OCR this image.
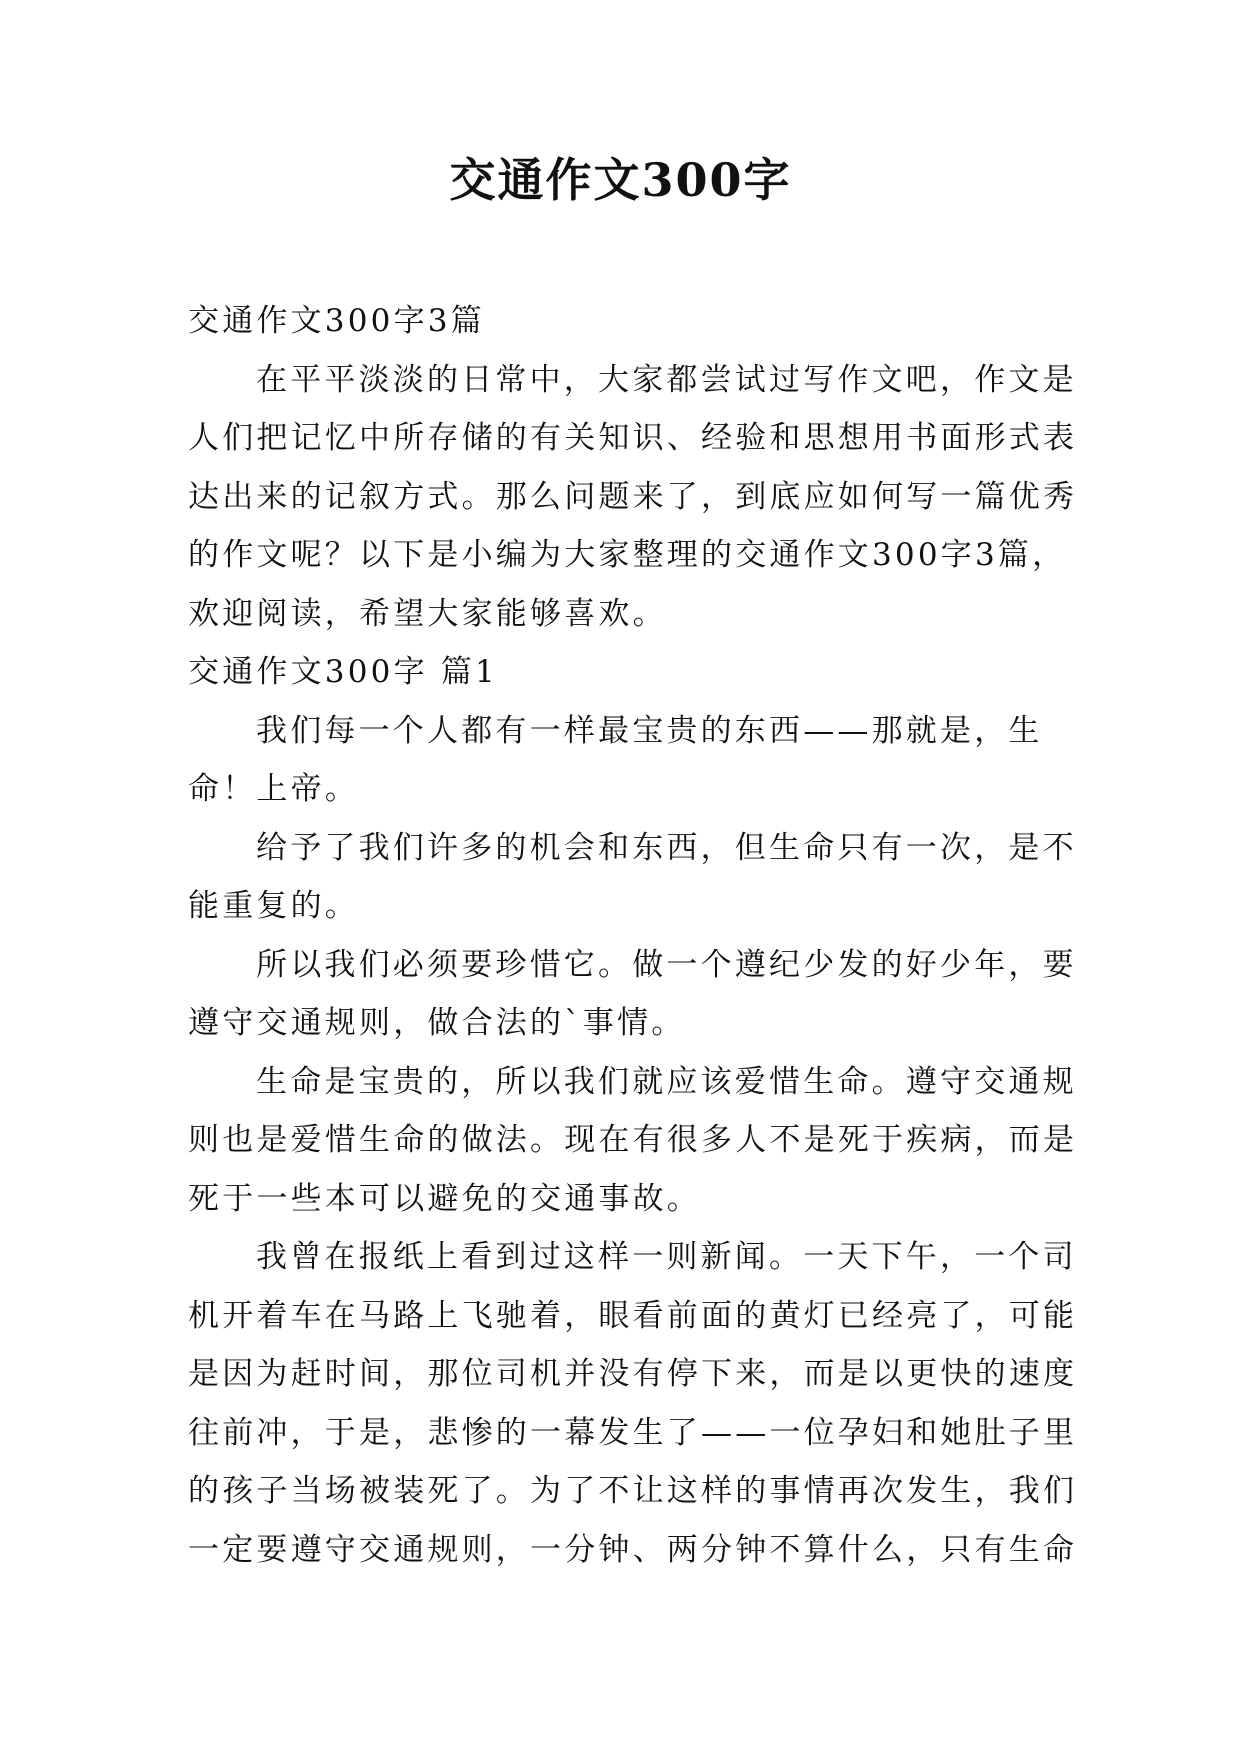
交通作文300字
交通作文300字3篇
在平平淡淡的日常中，大家都尝试过写作文吧，作文是
人们把记忆中所存储的有关知识、经验和思想用书面形式表
达出来的记叙方式。那么问题来了，到底应如何写一篇优秀
的作文呢？以下是小编为大家整理的交通作文300字3篇，
欢迎阅读，希望大家能够喜欢。
交通作文300字 篇1
我们每一个人都有一样最宝贵的东西——那就是，生
命！上帝。
给予了我们许多的机会和东西，但生命只有一次，是不
能重复的。
所以我们必须要珍惜它。做一个遵纪少发的好少年，要
遵守交通规则，做合法的`事情。
生命是宝贵的，所以我们就应该爱惜生命。遵守交通规
则也是爱惜生命的做法。现在有很多人不是死于疾病，而是
死于一些本可以避免的交通事故。
我曾在报纸上看到过这样一则新闻。一天下午，一个司
机开着车在马路上飞驰着，眼看前面的黄灯已经亮了，可能
是因为赶时间，那位司机并没有停下来，而是以更快的速度
往前冲，于是，悲惨的一幕发生了——一位孕妇和她肚子里
的孩子当场被装死了。为了不让这样的事情再次发生，我们
一定要遵守交通规则，一分钟、两分钟不算什么，只有生命
